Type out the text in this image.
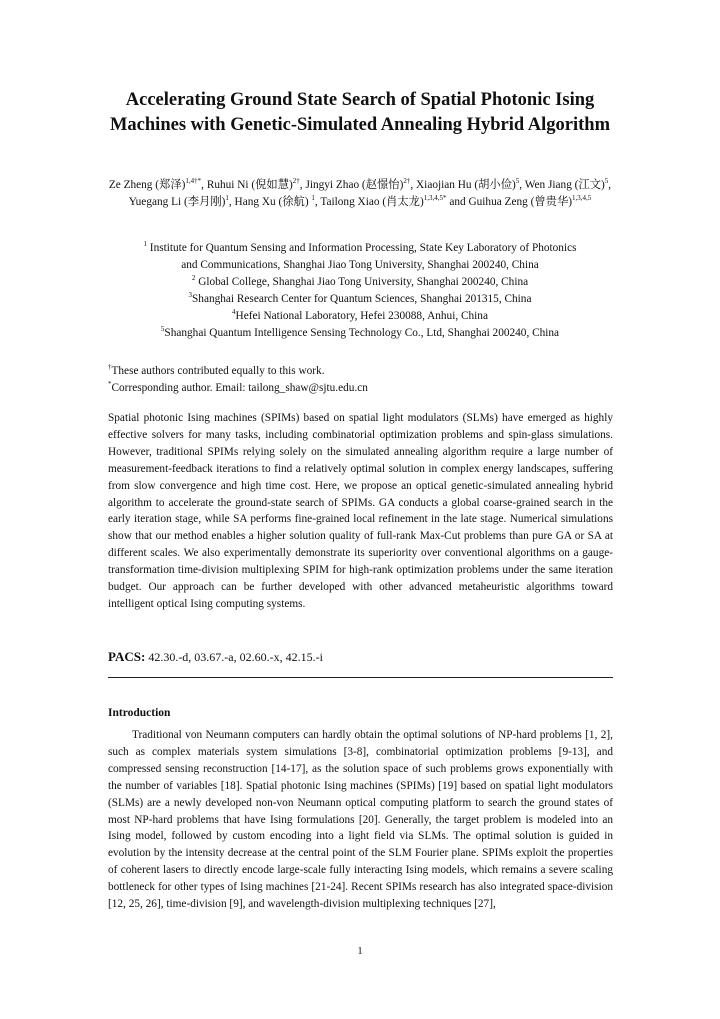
Accelerating Ground State Search of Spatial Photonic Ising Machines with Genetic-Simulated Annealing Hybrid Algorithm
Ze Zheng (郑泽)$^{1,4\dagger*}$, Ruhui Ni (倪如慧)$^{2\dagger}$, Jingyi Zhao (赵憬怡)$^{2\dagger}$, Xiaojian Hu (胡小俭)$^5$, Wen Jiang (江文)$^5$, Yuegang Li (李月刚)$^1$, Hang Xu (徐航) $^1$, Tailong Xiao (肖太龙)$^{1,3,4,5*}$ and Guihua Zeng (曾贵华)$^{1,3,4,5}$
$^1$ Institute for Quantum Sensing and Information Processing, State Key Laboratory of Photonics
and Communications, Shanghai Jiao Tong University, Shanghai 200240, China
$^2$ Global College, Shanghai Jiao Tong University, Shanghai 200240, China
$^3$Shanghai Research Center for Quantum Sciences, Shanghai 201315, China
$^4$Hefei National Laboratory, Hefei 230088, Anhui, China
$^5$Shanghai Quantum Intelligence Sensing Technology Co., Ltd, Shanghai 200240, China
†These authors contributed equally to this work.
*Corresponding author. Email: tailong_shaw@sjtu.edu.cn
Spatial photonic Ising machines (SPIMs) based on spatial light modulators (SLMs) have emerged as highly effective solvers for many tasks, including combinatorial optimization problems and spin-glass simulations. However, traditional SPIMs relying solely on the simulated annealing algorithm require a large number of measurement-feedback iterations to find a relatively optimal solution in complex energy landscapes, suffering from slow convergence and high time cost. Here, we propose an optical genetic-simulated annealing hybrid algorithm to accelerate the ground-state search of SPIMs. GA conducts a global coarse-grained search in the early iteration stage, while SA performs fine-grained local refinement in the late stage. Numerical simulations show that our method enables a higher solution quality of full-rank Max-Cut problems than pure GA or SA at different scales. We also experimentally demonstrate its superiority over conventional algorithms on a gauge-transformation time-division multiplexing SPIM for high-rank optimization problems under the same iteration budget. Our approach can be further developed with other advanced metaheuristic algorithms toward intelligent optical Ising computing systems.
PACS: 42.30.-d, 03.67.-a, 02.60.-x, 42.15.-i
Introduction

Traditional von Neumann computers can hardly obtain the optimal solutions of NP-hard problems [1, 2], such as complex materials system simulations [3-8], combinatorial optimization problems [9-13], and compressed sensing reconstruction [14-17], as the solution space of such problems grows exponentially with the number of variables [18]. Spatial photonic Ising machines (SPIMs) [19] based on spatial light modulators (SLMs) are a newly developed non-von Neumann optical computing platform to search the ground states of most NP-hard problems that have Ising formulations [20]. Generally, the target problem is modeled into an Ising model, followed by custom encoding into a light field via SLMs. The optimal solution is guided in evolution by the intensity decrease at the central point of the SLM Fourier plane. SPIMs exploit the properties of coherent lasers to directly encode large-scale fully interacting Ising models, which remains a severe scaling bottleneck for other types of Ising machines [21-24]. Recent SPIMs research has also integrated space-division [12, 25, 26], time-division [9], and wavelength-division multiplexing techniques [27],

1
